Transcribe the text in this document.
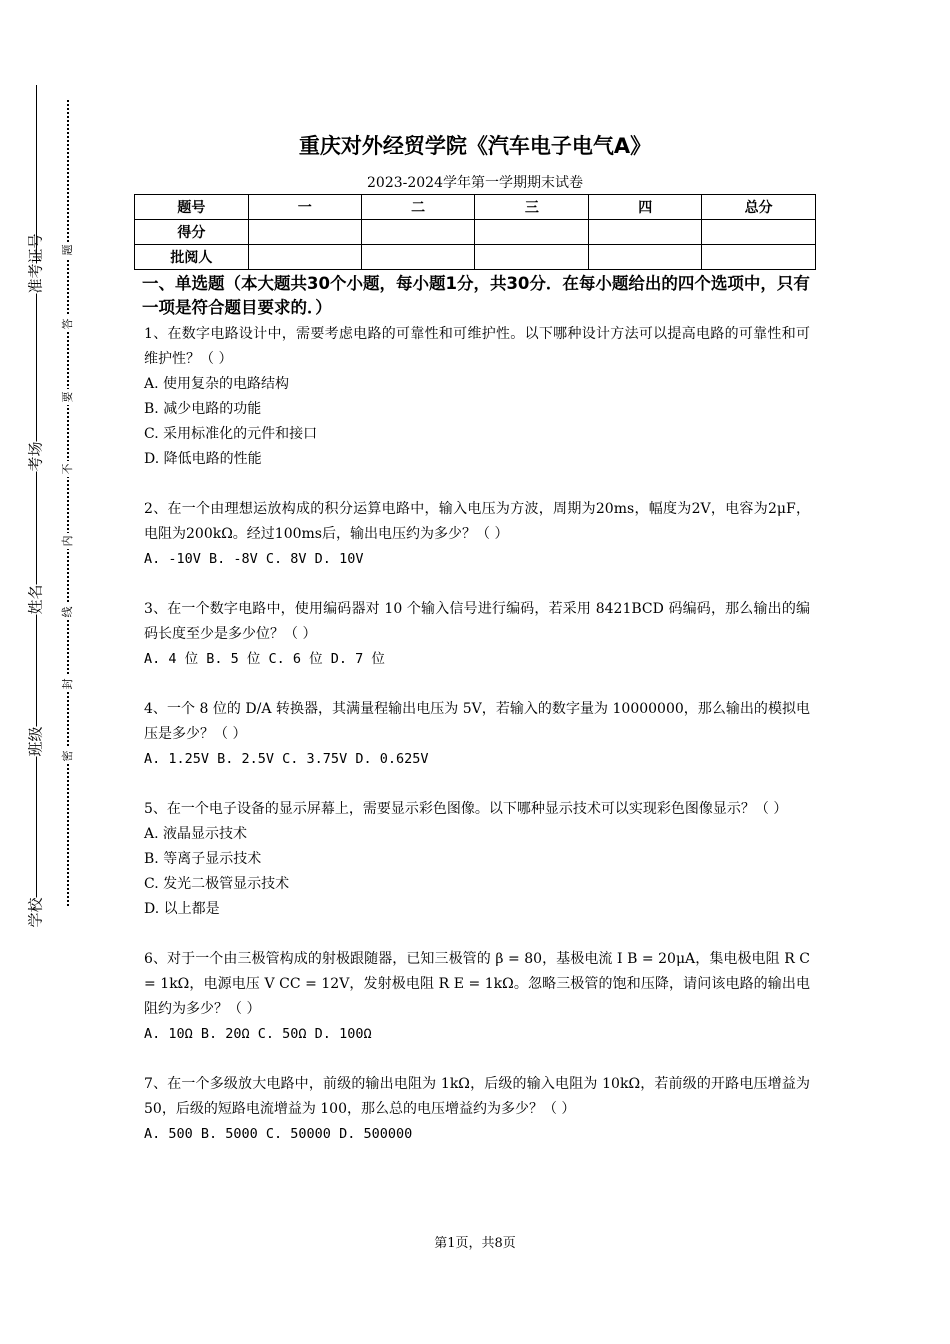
准考证号
考场
姓名
班级
学校
题
答
要
不
内
线
封
密
重庆对外经贸学院《汽车电子电气A》
2023-2024学年第一学期期末试卷
题号	一	二	三	四	总分
得分					
批阅人					
一、单选题（本大题共30个小题，每小题1分，共30分．在每小题给出的四个选项中，只有一项是符合题目要求的．）
1、在数字电路设计中，需要考虑电路的可靠性和可维护性。以下哪种设计方法可以提高电路的可靠性和可维护性？（ ）
A. 使用复杂的电路结构
B. 减少电路的功能
C. 采用标准化的元件和接口
D. 降低电路的性能
2、在一个由理想运放构成的积分运算电路中，输入电压为方波，周期为20ms，幅度为2V，电容为2μF，电阻为200kΩ。经过100ms后，输出电压约为多少？（ ）
A. -10V B. -8V C. 8V D. 10V
3、在一个数字电路中，使用编码器对 10 个输入信号进行编码，若采用 8421BCD 码编码，那么输出的编码长度至少是多少位？（ ）
A. 4 位 B. 5 位 C. 6 位 D. 7 位
4、一个 8 位的 D/A 转换器，其满量程输出电压为 5V，若输入的数字量为 10000000，那么输出的模拟电压是多少？（ ）
A. 1.25V B. 2.5V C. 3.75V D. 0.625V
5、在一个电子设备的显示屏幕上，需要显示彩色图像。以下哪种显示技术可以实现彩色图像显示？（ ）
A. 液晶显示技术
B. 等离子显示技术
C. 发光二极管显示技术
D. 以上都是
6、对于一个由三极管构成的射极跟随器，已知三极管的 β = 80，基极电流 I B = 20μA，集电极电阻 R C = 1kΩ，电源电压 V CC = 12V，发射极电阻 R E = 1kΩ。忽略三极管的饱和压降，请问该电路的输出电阻约为多少？（ ）
A. 10Ω B. 20Ω C. 50Ω D. 100Ω
7、在一个多级放大电路中，前级的输出电阻为 1kΩ，后级的输入电阻为 10kΩ，若前级的开路电压增益为 50，后级的短路电流增益为 100，那么总的电压增益约为多少？（ ）
A. 500 B. 5000 C. 50000 D. 500000
第1页，共8页
